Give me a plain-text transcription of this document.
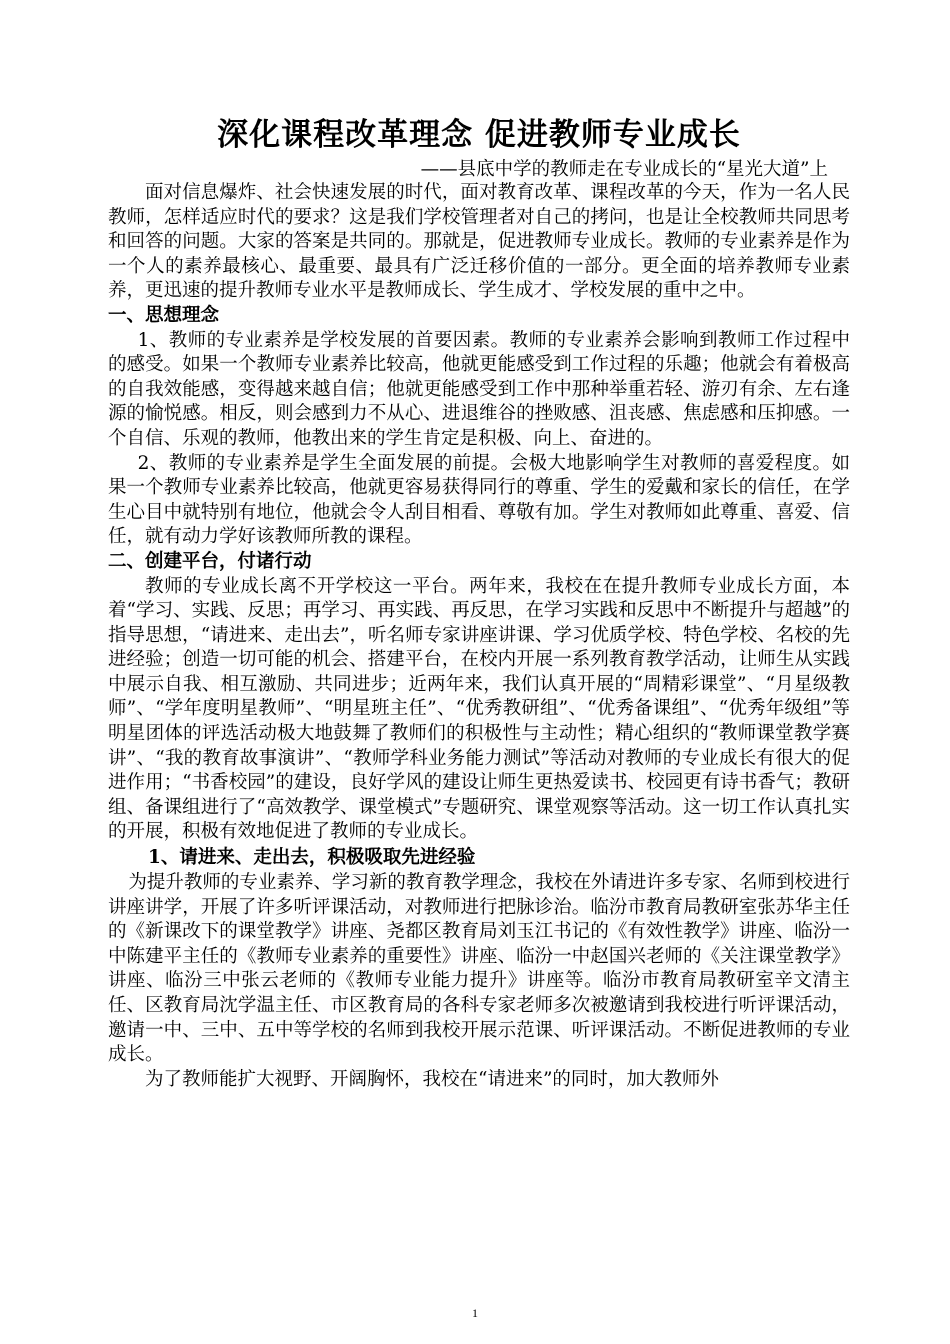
深化课程改革理念 促进教师专业成长

——县底中学的教师走在专业成长的“星光大道”上

面对信息爆炸、社会快速发展的时代，面对教育改革、课程改革的今天，作为一名人民教师，怎样适应时代的要求？这是我们学校管理者对自己的拷问，也是让全校教师共同思考和回答的问题。大家的答案是共同的。那就是，促进教师专业成长。教师的专业素养是作为一个人的素养最核心、最重要、最具有广泛迁移价值的一部分。更全面的培养教师专业素养，更迅速的提升教师专业水平是教师成长、学生成才、学校发展的重中之中。

一、思想理念

1、教师的专业素养是学校发展的首要因素。教师的专业素养会影响到教师工作过程中的感受。如果一个教师专业素养比较高，他就更能感受到工作过程的乐趣；他就会有着极高的自我效能感，变得越来越自信；他就更能感受到工作中那种举重若轻、游刃有余、左右逢源的愉悦感。相反，则会感到力不从心、进退维谷的挫败感、沮丧感、焦虑感和压抑感。一个自信、乐观的教师，他教出来的学生肯定是积极、向上、奋进的。

2、教师的专业素养是学生全面发展的前提。会极大地影响学生对教师的喜爱程度。如果一个教师专业素养比较高，他就更容易获得同行的尊重、学生的爱戴和家长的信任，在学生心目中就特别有地位，他就会令人刮目相看、尊敬有加。学生对教师如此尊重、喜爱、信任，就有动力学好该教师所教的课程。

二、创建平台，付诸行动

教师的专业成长离不开学校这一平台。两年来，我校在在提升教师专业成长方面，本着“学习、实践、反思；再学习、再实践、再反思，在学习实践和反思中不断提升与超越”的指导思想，“请进来、走出去”，听名师专家讲座讲课、学习优质学校、特色学校、名校的先进经验；创造一切可能的机会、搭建平台，在校内开展一系列教育教学活动，让师生从实践中展示自我、相互激励、共同进步；近两年来，我们认真开展的“周精彩课堂”、“月星级教师”、“学年度明星教师”、“明星班主任”、“优秀教研组”、“优秀备课组”、“优秀年级组”等明星团体的评选活动极大地鼓舞了教师们的积极性与主动性；精心组织的“教师课堂教学赛讲”、“我的教育故事演讲”、“教师学科业务能力测试”等活动对教师的专业成长有很大的促进作用；“书香校园”的建设，良好学风的建设让师生更热爱读书、校园更有诗书香气；教研组、备课组进行了“高效教学、课堂模式”专题研究、课堂观察等活动。这一切工作认真扎实的开展，积极有效地促进了教师的专业成长。

1、请进来、走出去，积极吸取先进经验

为提升教师的专业素养、学习新的教育教学理念，我校在外请进许多专家、名师到校进行讲座讲学，开展了许多听评课活动，对教师进行把脉诊治。临汾市教育局教研室张苏华主任的《新课改下的课堂教学》讲座、尧都区教育局刘玉江书记的《有效性教学》讲座、临汾一中陈建平主任的《教师专业素养的重要性》讲座、临汾一中赵国兴老师的《关注课堂教学》讲座、临汾三中张云老师的《教师专业能力提升》讲座等。临汾市教育局教研室辛文清主任、区教育局沈学温主任、市区教育局的各科专家老师多次被邀请到我校进行听评课活动，邀请一中、三中、五中等学校的名师到我校开展示范课、听评课活动。不断促进教师的专业成长。

为了教师能扩大视野、开阔胸怀，我校在“请进来”的同时，加大教师外

1
